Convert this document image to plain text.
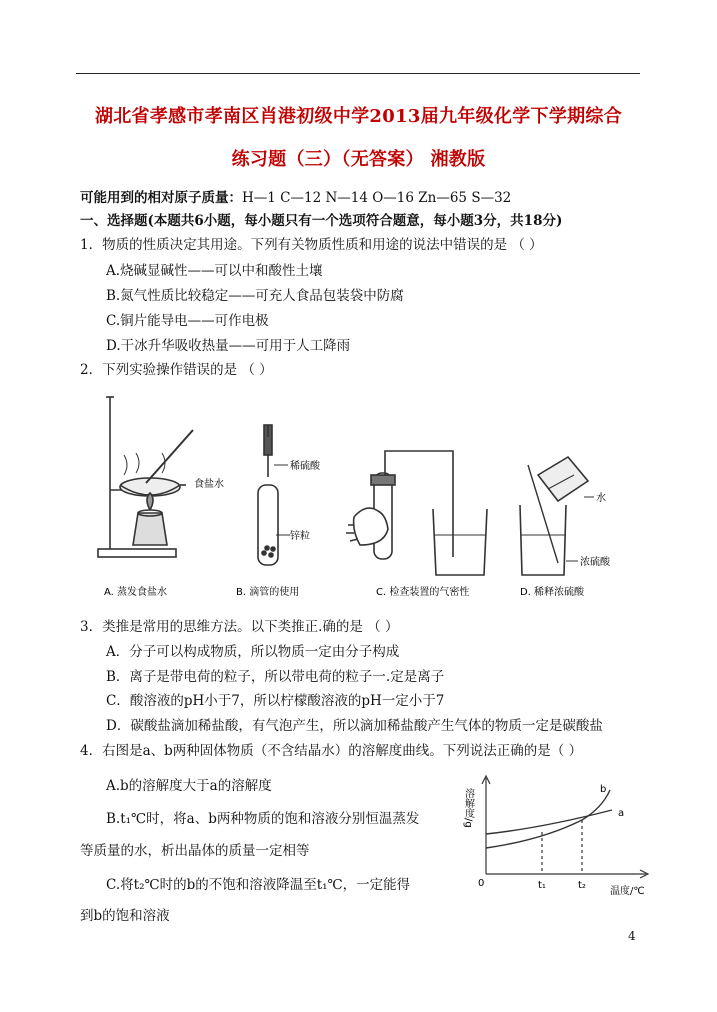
湖北省孝感市孝南区肖港初级中学2013届九年级化学下学期综合
练习题（三）（无答案） 湘教版
可能用到的相对原子质量：H—1 C—12 N—14 O—16 Zn—65 S—32
一、选择题(本题共6小题，每小题只有一个选项符合题意，每小题3分，共18分)
1．物质的性质决定其用途。下列有关物质性质和用途的说法中错误的是 （ ）
A.烧碱显碱性——可以中和酸性土壤
B.氮气性质比较稳定——可充人食品包装袋中防腐
C.铜片能导电——可作电极
D.干冰升华吸收热量——可用于人工降雨
2．下列实验操作错误的是 （ ）
食盐水
稀硫酸
锌粒
水
浓硫酸
A. 蒸发食盐水	B. 滴管的使用	C. 检查装置的气密性	D. 稀释浓硫酸
3．类推是常用的思维方法。以下类推正.确的是 （ ）
A．分子可以构成物质，所以物质一定由分子构成
B．离子是带电荷的粒子，所以带电荷的粒子一.定是离子
C．酸溶液的pH小于7，所以柠檬酸溶液的pH一定小于7
D．碳酸盐滴加稀盐酸，有气泡产生，所以滴加稀盐酸产生气体的物质一定是碳酸盐
4．右图是a、b两种固体物质（不含结晶水）的溶解度曲线。下列说法正确的是（ ）
A.b的溶解度大于a的溶解度
B.t₁℃时，将a、b两种物质的饱和溶液分别恒温蒸发
等质量的水，析出晶体的质量一定相等
C.将t₂℃时的b的不饱和溶液降温至t₁℃，一定能得
到b的饱和溶液
溶解度/g
温度/℃
0	t₁	t₂
a
b
4
